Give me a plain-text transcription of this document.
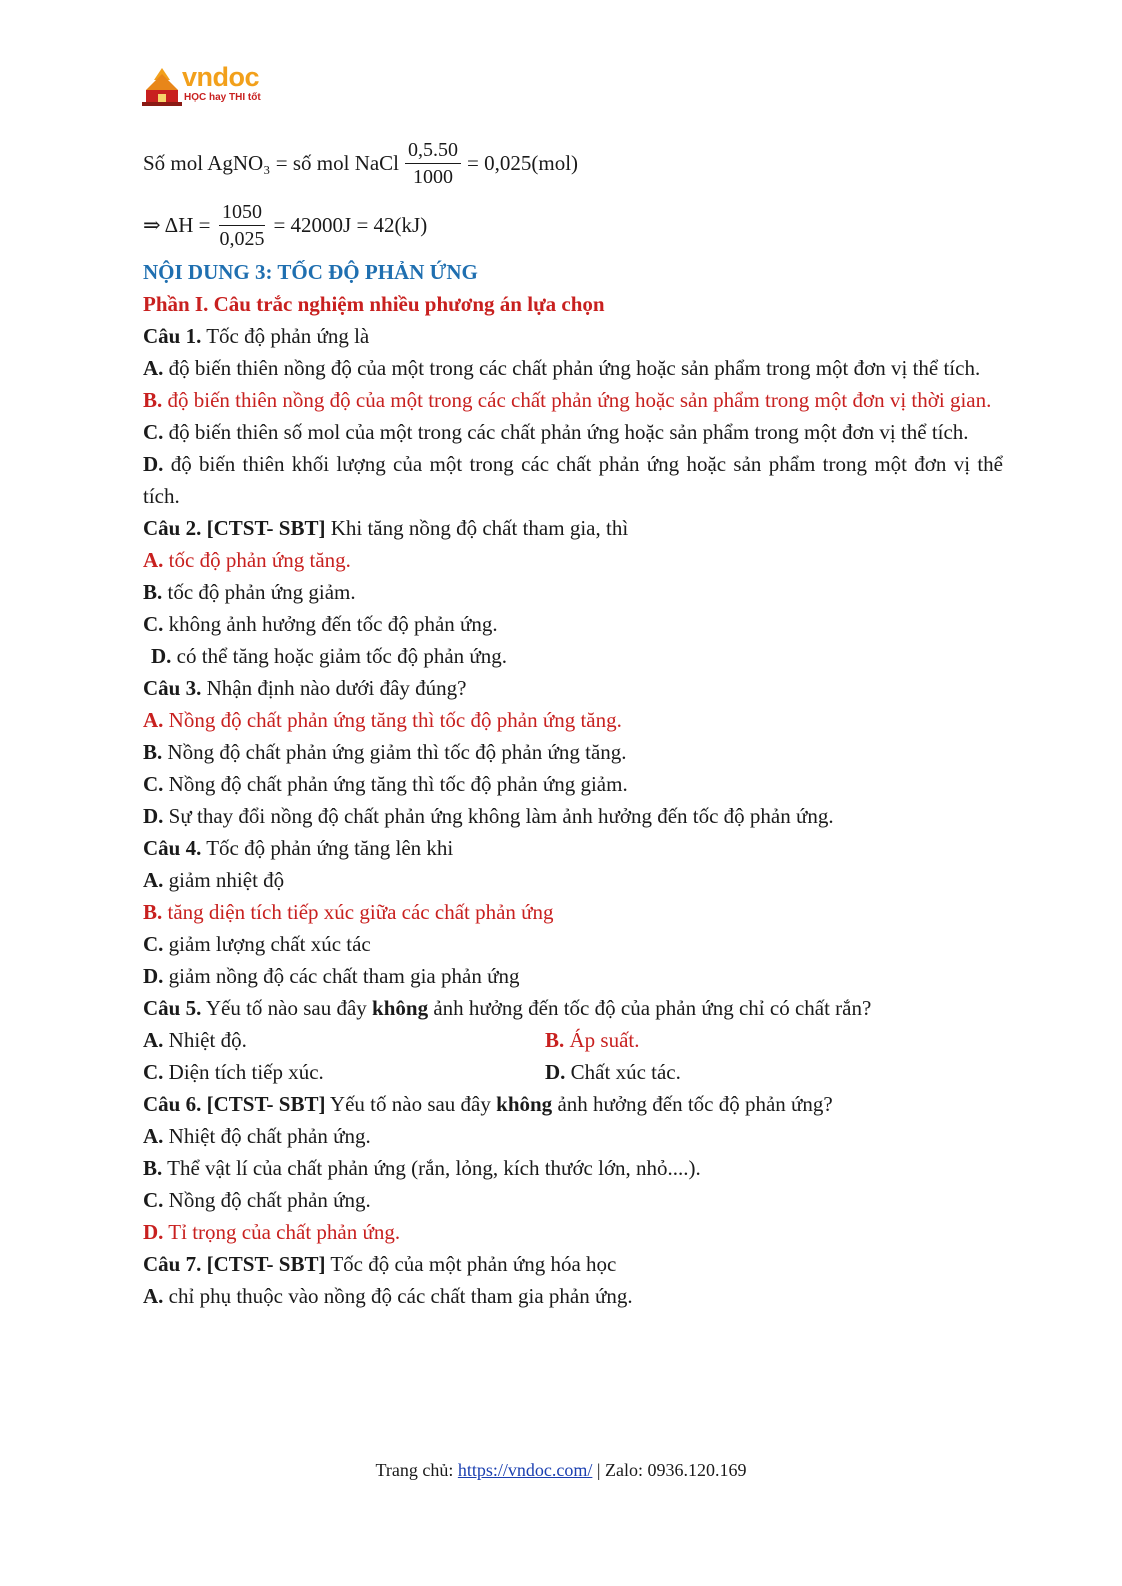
vndoc
HỌC hay THI tốt
Số mol AgNO₃ = số mol NaCl $\frac{0,5.50}{1000} = 0,025(mol)$
⇒ $\Delta H = \frac{1050}{0,025} = 42000J = 42(kJ)$
NỘI DUNG 3: TỐC ĐỘ PHẢN ỨNG
Phần I. Câu trắc nghiệm nhiều phương án lựa chọn
Câu 1. Tốc độ phản ứng là
A. độ biến thiên nồng độ của một trong các chất phản ứng hoặc sản phẩm trong một đơn vị thể tích.
B. độ biến thiên nồng độ của một trong các chất phản ứng hoặc sản phẩm trong một đơn vị thời gian.
C. độ biến thiên số mol của một trong các chất phản ứng hoặc sản phẩm trong một đơn vị thể tích.
D. độ biến thiên khối lượng của một trong các chất phản ứng hoặc sản phẩm trong một đơn vị thể tích.
Câu 2. [CTST- SBT] Khi tăng nồng độ chất tham gia, thì
A. tốc độ phản ứng tăng.
B. tốc độ phản ứng giảm.
C. không ảnh hưởng đến tốc độ phản ứng.
D. có thể tăng hoặc giảm tốc độ phản ứng.
Câu 3. Nhận định nào dưới đây đúng?
A. Nồng độ chất phản ứng tăng thì tốc độ phản ứng tăng.
B. Nồng độ chất phản ứng giảm thì tốc độ phản ứng tăng.
C. Nồng độ chất phản ứng tăng thì tốc độ phản ứng giảm.
D. Sự thay đổi nồng độ chất phản ứng không làm ảnh hưởng đến tốc độ phản ứng.
Câu 4. Tốc độ phản ứng tăng lên khi
A. giảm nhiệt độ
B. tăng diện tích tiếp xúc giữa các chất phản ứng
C. giảm lượng chất xúc tác
D. giảm nồng độ các chất tham gia phản ứng
Câu 5. Yếu tố nào sau đây không ảnh hưởng đến tốc độ của phản ứng chỉ có chất rắn?
A. Nhiệt độ.	B. Áp suất.
C. Diện tích tiếp xúc.	D. Chất xúc tác.
Câu 6. [CTST- SBT] Yếu tố nào sau đây không ảnh hưởng đến tốc độ phản ứng?
A. Nhiệt độ chất phản ứng.
B. Thể vật lí của chất phản ứng (rắn, lỏng, kích thước lớn, nhỏ....).
C. Nồng độ chất phản ứng.
D. Tỉ trọng của chất phản ứng.
Câu 7. [CTST- SBT] Tốc độ của một phản ứng hóa học
A. chỉ phụ thuộc vào nồng độ các chất tham gia phản ứng.
Trang chủ: https://vndoc.com/ | Zalo: 0936.120.169
